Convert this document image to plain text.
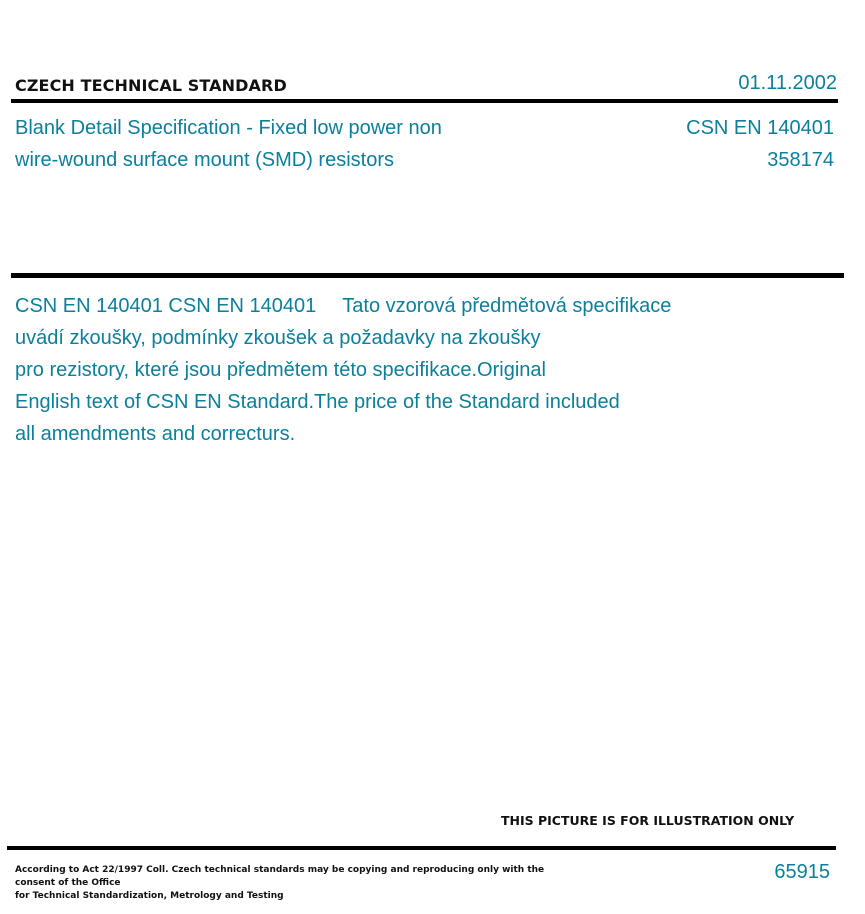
CZECH TECHNICAL STANDARD	01.11.2002
Blank Detail Specification - Fixed low power non
wire-wound surface mount (SMD) resistors
CSN EN 140401
358174
CSN EN 140401 CSN EN 140401 Tato vzorová předmětová specifikace
uvádí zkoušky, podmínky zkoušek a požadavky na zkoušky
pro rezistory, které jsou předmětem této specifikace.Original
English text of CSN EN Standard.The price of the Standard included
all amendments and correcturs.
THIS PICTURE IS FOR ILLUSTRATION ONLY
According to Act 22/1997 Coll. Czech technical standards may be copying and reproducing only with the consent of the Office
for Technical Standardization, Metrology and Testing
65915
